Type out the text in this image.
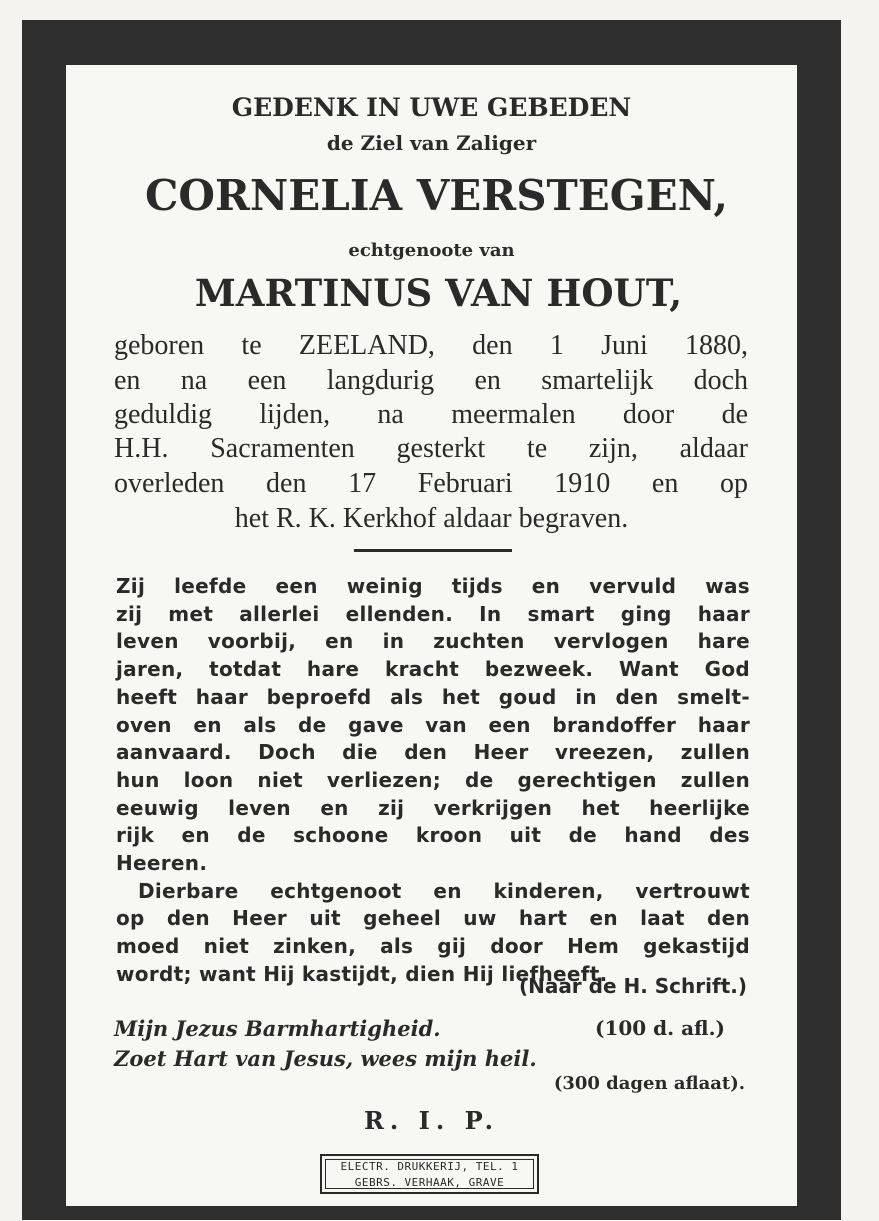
GEDENK IN UWE GEBEDEN
de Ziel van Zaliger
CORNELIA VERSTEGEN,
echtgenoote van
MARTINUS VAN HOUT,
geboren te ZEELAND, den 1 Juni 1880,
en na een langdurig en smartelijk doch
geduldig lijden, na meermalen door de
H.H. Sacramenten gesterkt te zijn, aldaar
overleden den 17 Februari 1910 en op
het R. K. Kerkhof aldaar begraven.
Zij leefde een weinig tijds en vervuld was
zij met allerlei ellenden. In smart ging haar
leven voorbij, en in zuchten vervlogen hare
jaren, totdat hare kracht bezweek. Want God
heeft haar beproefd als het goud in den smelt-
oven en als de gave van een brandoffer haar
aanvaard. Doch die den Heer vreezen, zullen
hun loon niet verliezen; de gerechtigen zullen
eeuwig leven en zij verkrijgen het heerlijke
rijk en de schoone kroon uit de hand des
Heeren.
Dierbare echtgenoot en kinderen, vertrouwt
op den Heer uit geheel uw hart en laat den
moed niet zinken, als gij door Hem gekastijd
wordt; want Hij kastijdt, dien Hij liefheeft.
(Naar de H. Schrift.)
Mijn Jezus Barmhartigheid.	(100 d. afl.)
Zoet Hart van Jesus, wees mijn heil.
(300 dagen aflaat).
R. I. P.
ELECTR. DRUKKERIJ, TEL. 1
GEBRS. VERHAAK, GRAVE
